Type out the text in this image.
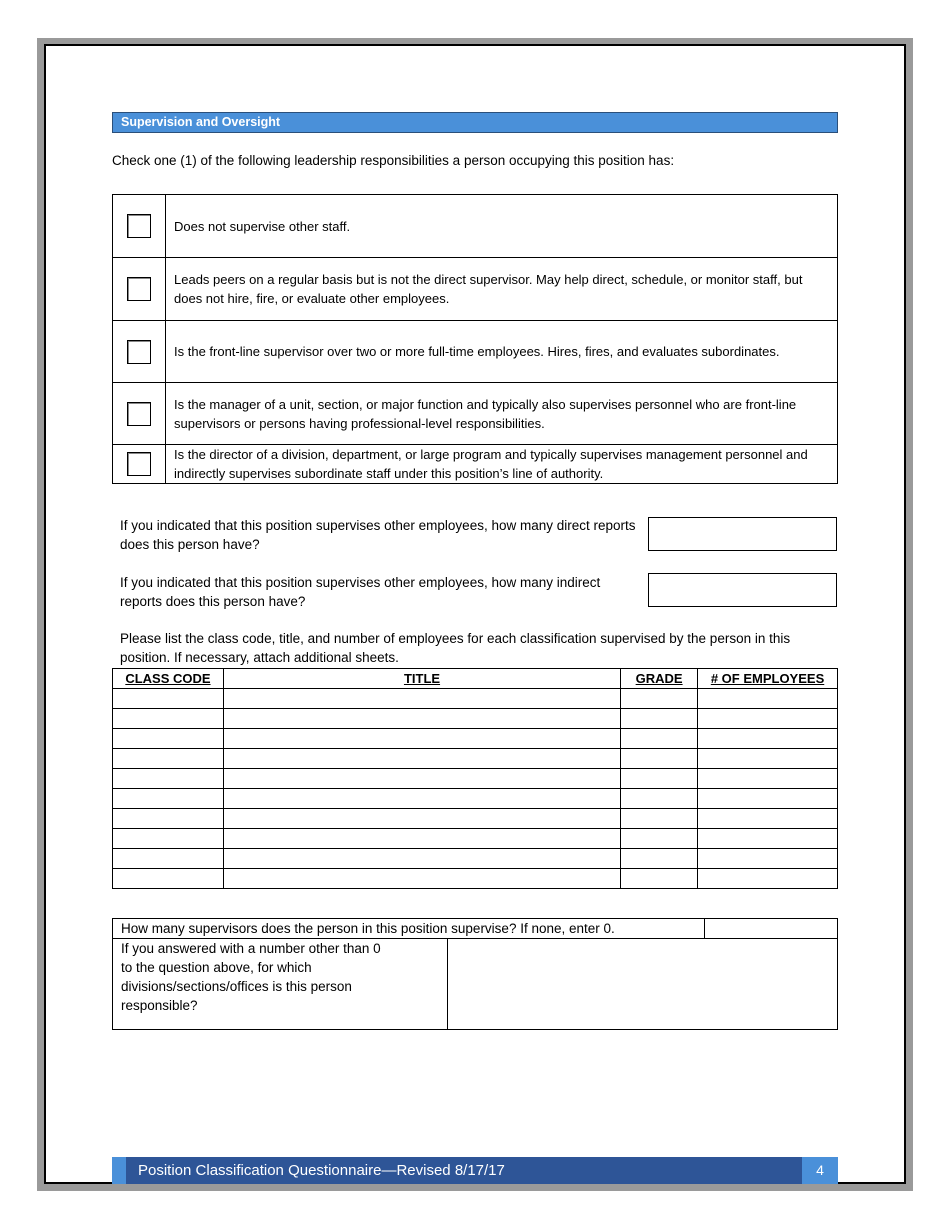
Supervision and Oversight
Check one (1) of the following leadership responsibilities a person occupying this position has:
	Does not supervise other staff.
	Leads peers on a regular basis but is not the direct supervisor. May help direct, schedule, or monitor staff, but does not hire, fire, or evaluate other employees.
	Is the front-line supervisor over two or more full-time employees. Hires, fires, and evaluates subordinates.
	Is the manager of a unit, section, or major function and typically also supervises personnel who are front-line supervisors or persons having professional-level responsibilities.
	Is the director of a division, department, or large program and typically supervises management personnel and indirectly supervises subordinate staff under this position’s line of authority.
If you indicated that this position supervises other employees, how many direct reports does this person have?
If you indicated that this position supervises other employees, how many indirect reports does this person have?
Please list the class code, title, and number of employees for each classification supervised by the person in this position. If necessary, attach additional sheets.
CLASS CODE	TITLE	GRADE	# OF EMPLOYEES

How many supervisors does the person in this position supervise? If none, enter 0.		

If you answered with a number other than 0 to the question above, for which divisions/sections/offices is this person responsible?		

Position Classification Questionnaire—Revised 8/17/17	4
